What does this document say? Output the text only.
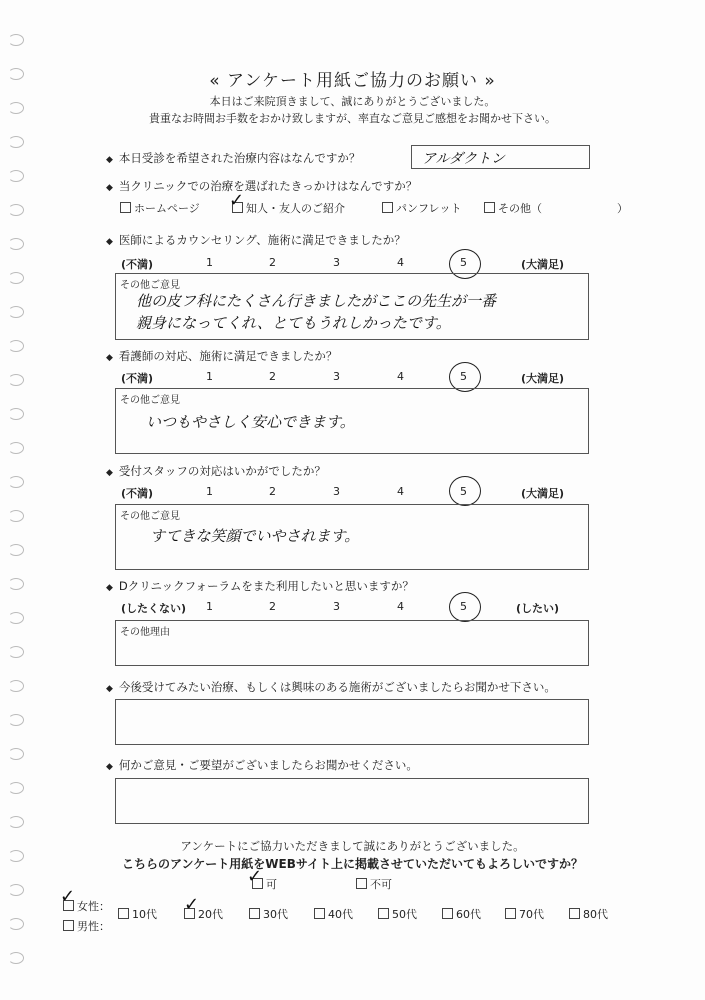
« アンケート用紙ご協力のお願い »
本日はご来院頂きまして、誠にありがとうございました。
貴重なお時間お手数をおかけ致しますが、率直なご意見ご感想をお聞かせ下さい。
◆ 本日受診を希望された治療内容はなんですか？	アルダクトン
◆ 当クリニックでの治療を選ばれたきっかけはなんですか？
ホームページ	知人・友人のご紹介	パンフレット	その他（	）
✓
◆ 医師によるカウンセリング、施術に満足できましたか？
(不満)	1	2	3	4	5	(大満足)
その他ご意見
他の皮フ科にたくさん行きましたがここの先生が一番
親身になってくれ、とてもうれしかったです。
◆ 看護師の対応、施術に満足できましたか？
(不満)	1	2	3	4	5	(大満足)
その他ご意見
いつもやさしく安心できます。
◆ 受付スタッフの対応はいかがでしたか？
(不満)	1	2	3	4	5	(大満足)
その他ご意見
すてきな笑顔でいやされます。
◆ Dクリニックフォーラムをまた利用したいと思いますか？
(したくない) 1	2	3	4	5	(したい)
その他理由
◆ 今後受けてみたい治療、もしくは興味のある施術がございましたらお聞かせ下さい。
◆ 何かご意見・ご要望がございましたらお聞かせください。
アンケートにご協力いただきまして誠にありがとうございました。
こちらのアンケート用紙をWEBサイト上に掲載させていただいてもよろしいですか？
可	不可
✓
女性：
✓
男性：
10代	20代	30代	40代	50代	60代	70代	80代
✓
